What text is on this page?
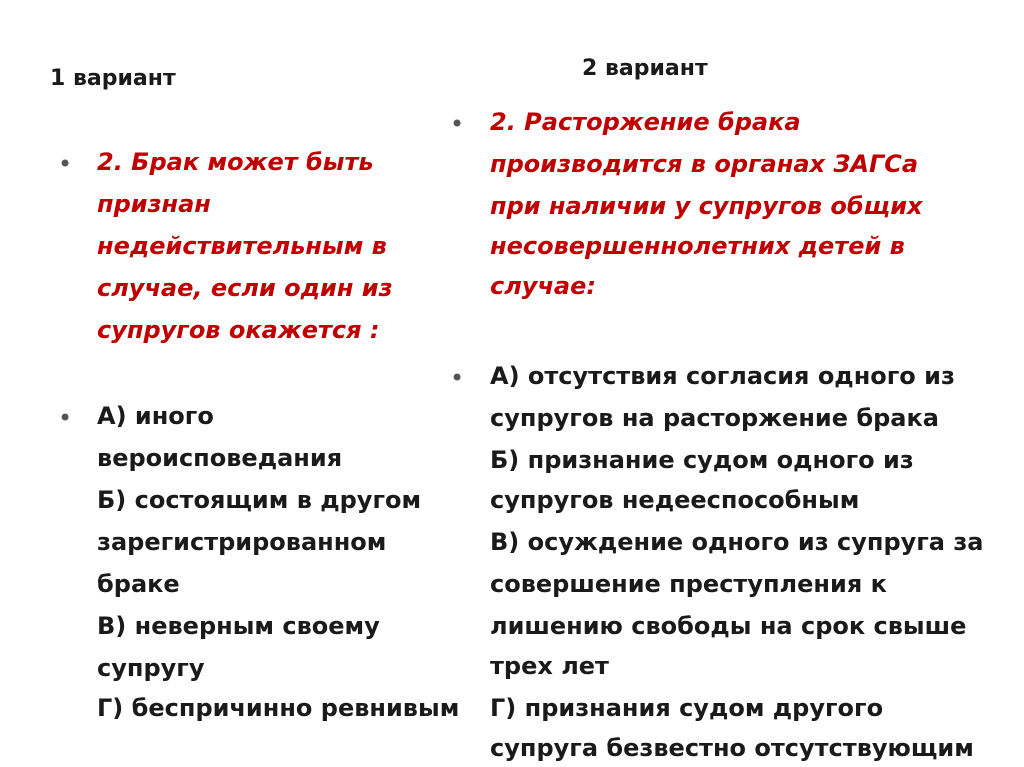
1 вариант	2 вариант
• 2. Брак может быть
признан
недействительным в
случае, если один из
супругов окажется :
• А) иного
вероисповедания
Б) состоящим в другом
зарегистрированном
браке
В) неверным своему
супругу
Г) беспричинно ревнивым
• 2. Расторжение брака
производится в органах ЗАГСа
при наличии у супругов общих
несовершеннолетних детей в
случае:
• А) отсутствия согласия одного из
супругов на расторжение брака
Б) признание судом одного из
супругов недееспособным
В) осуждение одного из супруга за
совершение преступления к
лишению свободы на срок свыше
трех лет
Г) признания судом другого
супруга безвестно отсутствующим
